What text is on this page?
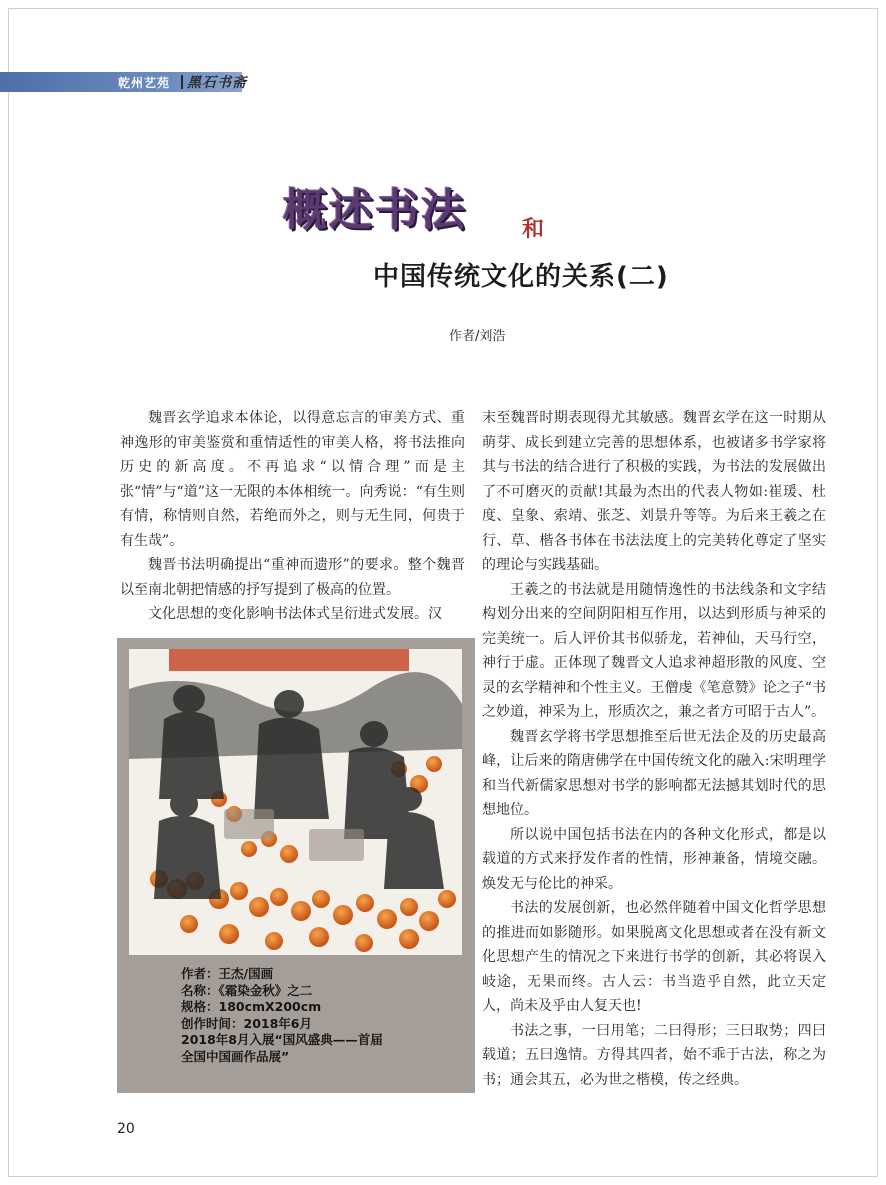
乾州艺苑 黑石书斋
概述书法	和
中国传统文化的关系(二)
作者/刘浩

魏晋玄学追求本体论，以得意忘言的审美方式、重神逸形的审美鉴赏和重情适性的审美人格，将书法推向历史的新高度。不再追求“以情合理”而是主张“情”与“道”这一无限的本体相统一。向秀说：“有生则有情，称情则自然，若绝而外之，则与无生同，何贵于有生哉”。

魏晋书法明确提出“重神而遗形”的要求。整个魏晋以至南北朝把情感的抒写提到了极高的位置。

文化思想的变化影响书法体式呈衍进式发展。汉

末至魏晋时期表现得尤其敏感。魏晋玄学在这一时期从萌芽、成长到建立完善的思想体系，也被诸多书学家将其与书法的结合进行了积极的实践，为书法的发展做出了不可磨灭的贡献!其最为杰出的代表人物如:崔瑗、杜度、皇象、索靖、张芝、刘景升等等。为后来王羲之在行、草、楷各书体在书法法度上的完美转化尊定了坚实的理论与实践基础。

王羲之的书法就是用随情逸性的书法线条和文字结构划分出来的空间阴阳相互作用，以达到形质与神采的完美统一。后人评价其书似骄龙，若神仙，天马行空，神行于虚。正体现了魏晋文人追求神超形散的风度、空灵的玄学精神和个性主义。王僧虔《笔意赞》论之子“书之妙道，神采为上，形质次之，兼之者方可昭于古人”。

魏晋玄学将书学思想推至后世无法企及的历史最高峰，让后来的隋唐佛学在中国传统文化的融入:宋明理学和当代新儒家思想对书学的影响都无法撼其划时代的思想地位。

所以说中国包括书法在内的各种文化形式，都是以载道的方式来抒发作者的性情，形神兼备，情境交融。焕发无与伦比的神采。

书法的发展创新，也必然伴随着中国文化哲学思想的推进而如影随形。如果脱离文化思想或者在没有新文化思想产生的情况之下来进行书学的创新，其必将误入岐途，无果而终。古人云：书当造乎自然，此立天定人，尚未及乎由人复天也!

书法之事，一曰用笔；二曰得形；三曰取势；四曰载道；五曰逸情。方得其四者，始不乖于古法，称之为书；通会其五，必为世之楷模，传之经典。

作者：王杰/国画
名称：《霜染金秋》之二
规格：180cmX200cm
创作时间：2018年6月
2018年8月入展“国风盛典——首届
全国中国画作品展”
20
